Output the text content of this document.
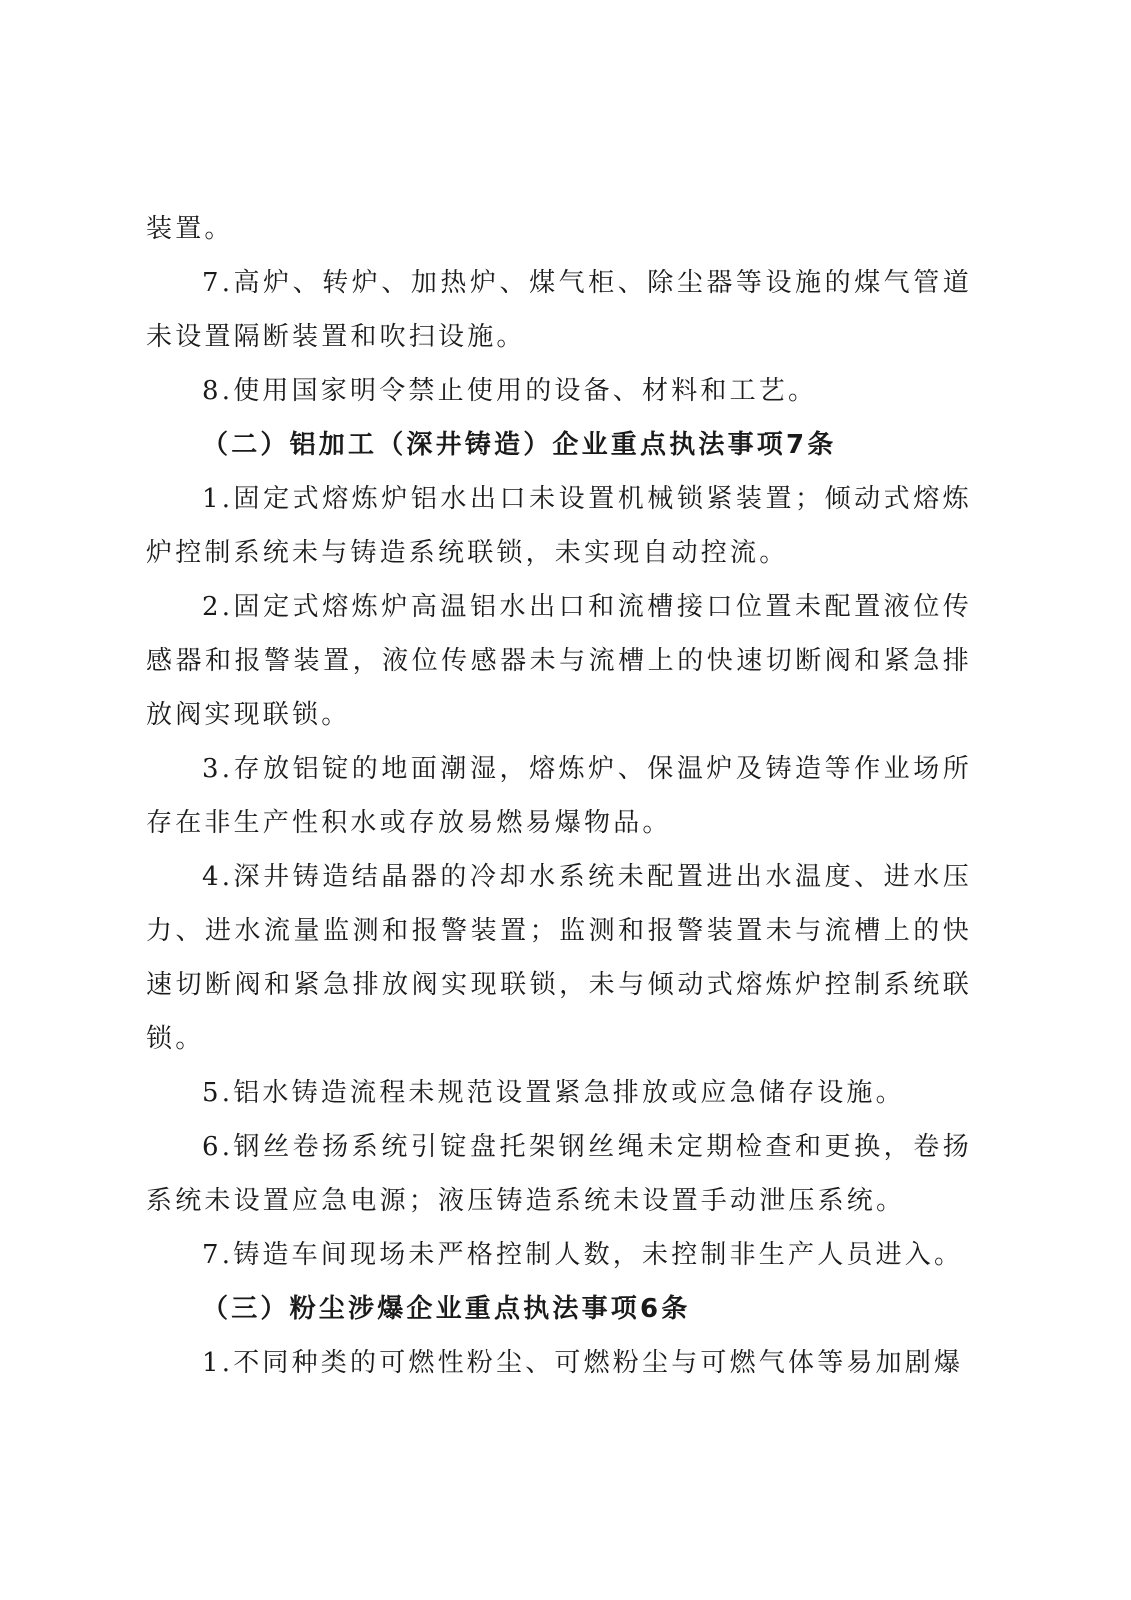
装置。

7.高炉、转炉、加热炉、煤气柜、除尘器等设施的煤气管道未设置隔断装置和吹扫设施。

8.使用国家明令禁止使用的设备、材料和工艺。

（二）铝加工（深井铸造）企业重点执法事项7条

1.固定式熔炼炉铝水出口未设置机械锁紧装置；倾动式熔炼炉控制系统未与铸造系统联锁，未实现自动控流。

2.固定式熔炼炉高温铝水出口和流槽接口位置未配置液位传感器和报警装置，液位传感器未与流槽上的快速切断阀和紧急排放阀实现联锁。

3.存放铝锭的地面潮湿，熔炼炉、保温炉及铸造等作业场所存在非生产性积水或存放易燃易爆物品。

4.深井铸造结晶器的冷却水系统未配置进出水温度、进水压力、进水流量监测和报警装置；监测和报警装置未与流槽上的快速切断阀和紧急排放阀实现联锁，未与倾动式熔炼炉控制系统联锁。

5.铝水铸造流程未规范设置紧急排放或应急储存设施。

6.钢丝卷扬系统引锭盘托架钢丝绳未定期检查和更换，卷扬系统未设置应急电源；液压铸造系统未设置手动泄压系统。

7.铸造车间现场未严格控制人数，未控制非生产人员进入。

（三）粉尘涉爆企业重点执法事项6条

1.不同种类的可燃性粉尘、可燃粉尘与可燃气体等易加剧爆
